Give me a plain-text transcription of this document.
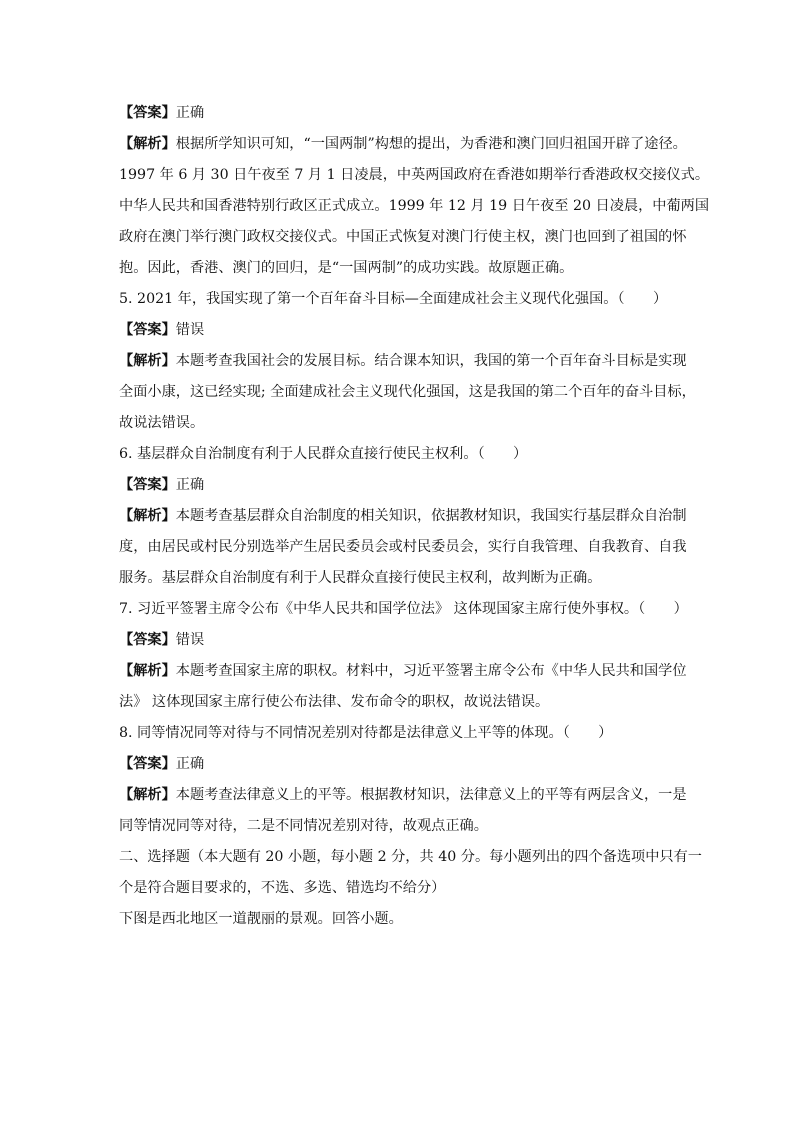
【答案】正确
【解析】根据所学知识可知，“一国两制”构想的提出，为香港和澳门回归祖国开辟了途径。
1997 年 6 月 30 日午夜至 7 月 1 日凌晨，中英两国政府在香港如期举行香港政权交接仪式。
中华人民共和国香港特别行政区正式成立。1999 年 12 月 19 日午夜至 20 日凌晨，中葡两国
政府在澳门举行澳门政权交接仪式。中国正式恢复对澳门行使主权，澳门也回到了祖国的怀
抱。因此，香港、澳门的回归，是“一国两制”的成功实践。故原题正确。
5. 2021 年，我国实现了第一个百年奋斗目标—全面建成社会主义现代化强国。（　　）
【答案】错误
【解析】本题考查我国社会的发展目标。结合课本知识，我国的第一个百年奋斗目标是实现
全面小康，这已经实现; 全面建成社会主义现代化强国，这是我国的第二个百年的奋斗目标，
故说法错误。
6. 基层群众自治制度有利于人民群众直接行使民主权利。（　　）
【答案】正确
【解析】本题考查基层群众自治制度的相关知识，依据教材知识，我国实行基层群众自治制
度，由居民或村民分别选举产生居民委员会或村民委员会，实行自我管理、自我教育、自我
服务。基层群众自治制度有利于人民群众直接行使民主权利，故判断为正确。
7. 习近平签署主席令公布《中华人民共和国学位法》 这体现国家主席行使外事权。（　　）
【答案】错误
【解析】本题考查国家主席的职权。材料中，习近平签署主席令公布《中华人民共和国学位
法》 这体现国家主席行使公布法律、发布命令的职权，故说法错误。
8. 同等情况同等对待与不同情况差别对待都是法律意义上平等的体现。（　　）
【答案】正确
【解析】本题考查法律意义上的平等。根据教材知识，法律意义上的平等有两层含义，一是
同等情况同等对待，二是不同情况差别对待，故观点正确。
二、选择题（本大题有 20 小题，每小题 2 分，共 40 分。每小题列出的四个备选项中只有一
个是符合题目要求的，不选、多选、错选均不给分）
下图是西北地区一道靓丽的景观。回答小题。
